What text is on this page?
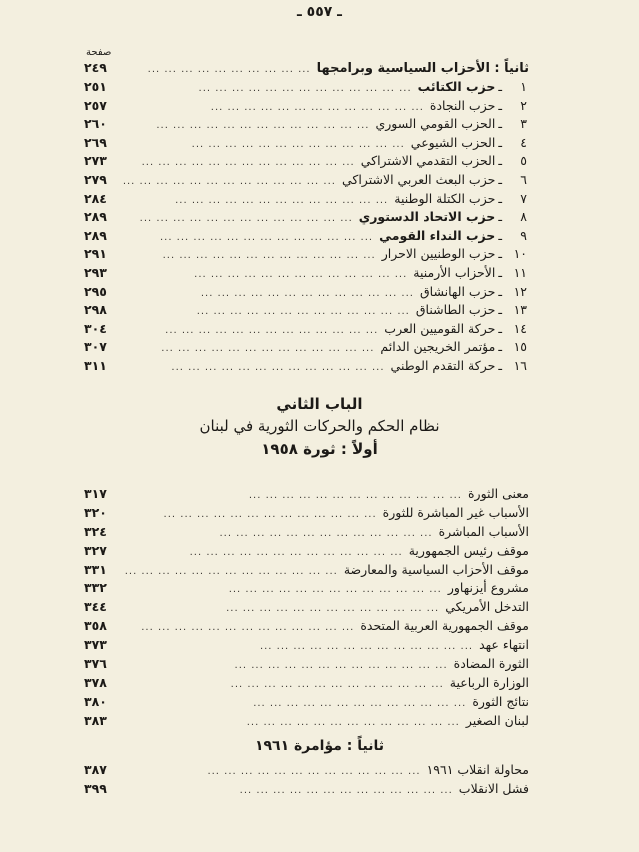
ـ ٥٥٧ ـ
صفحة
ثانياً : الأحزاب السياسية وبرامجها
... ... ... ... ... ... ... ... ... ...
٢٤٩
١
ـ
حزب الكتائب
... ... ... ... ... ... ... ... ... ... ... ... ...
٢٥١
٢
ـ
حزب النجادة
... ... ... ... ... ... ... ... ... ... ... ... ...
٢٥٧
٣
ـ
الحزب القومي السوري
... ... ... ... ... ... ... ... ... ... ... ... ...
٢٦٠
٤
ـ
الحزب الشيوعي
... ... ... ... ... ... ... ... ... ... ... ... ...
٢٦٩
٥
ـ
الحزب التقدمي الاشتراكي
... ... ... ... ... ... ... ... ... ... ... ... ...
٢٧٣
٦
ـ
حزب البعث العربي الاشتراكي
... ... ... ... ... ... ... ... ... ... ... ... ...
٢٧٩
٧
ـ
حزب الكتلة الوطنية
... ... ... ... ... ... ... ... ... ... ... ... ...
٢٨٤
٨
ـ
حزب الاتحاد الدستوري
... ... ... ... ... ... ... ... ... ... ... ... ...
٢٨٩
٩
ـ
حزب النداء القومي
... ... ... ... ... ... ... ... ... ... ... ... ...
٢٨٩
١٠
ـ
حزب الوطنيين الاحرار
... ... ... ... ... ... ... ... ... ... ... ... ...
٢٩١
١١
ـ
الأحزاب الأرمنية
... ... ... ... ... ... ... ... ... ... ... ... ...
٢٩٣
١٢
ـ
حزب الهانشاق
... ... ... ... ... ... ... ... ... ... ... ... ...
٢٩٥
١٣
ـ
حزب الطاشناق
... ... ... ... ... ... ... ... ... ... ... ... ...
٢٩٨
١٤
ـ
حركة القوميين العرب
... ... ... ... ... ... ... ... ... ... ... ... ...
٣٠٤
١٥
ـ
مؤتمر الخريجين الدائم
... ... ... ... ... ... ... ... ... ... ... ... ...
٣٠٧
١٦
ـ
حركة التقدم الوطني
... ... ... ... ... ... ... ... ... ... ... ... ...
٣١١
الباب الثاني
نظام الحكم والحركات الثورية في لبنان
أولاً : ثورة ١٩٥٨
معنى الثورة
... ... ... ... ... ... ... ... ... ... ... ... ...
٣١٧
الأسباب غير المباشرة للثورة
... ... ... ... ... ... ... ... ... ... ... ... ...
٣٢٠
الأسباب المباشرة
... ... ... ... ... ... ... ... ... ... ... ... ...
٣٢٤
موقف رئيس الجمهورية
... ... ... ... ... ... ... ... ... ... ... ... ...
٣٢٧
موقف الأحزاب السياسية والمعارضة
... ... ... ... ... ... ... ... ... ... ... ... ...
٣٣١
مشروع أيزنهاور
... ... ... ... ... ... ... ... ... ... ... ... ...
٣٣٢
التدخل الأمريكي
... ... ... ... ... ... ... ... ... ... ... ... ...
٣٤٤
موقف الجمهورية العربية المتحدة
... ... ... ... ... ... ... ... ... ... ... ... ...
٣٥٨
انتهاء عهد
... ... ... ... ... ... ... ... ... ... ... ... ...
٣٧٣
الثورة المضادة
... ... ... ... ... ... ... ... ... ... ... ... ...
٣٧٦
الوزارة الرباعية
... ... ... ... ... ... ... ... ... ... ... ... ...
٣٧٨
نتائج الثورة
... ... ... ... ... ... ... ... ... ... ... ... ...
٣٨٠
لبنان الصغير
... ... ... ... ... ... ... ... ... ... ... ... ...
٣٨٣
ثانياً : مؤامرة ١٩٦١
محاولة انقلاب ١٩٦١
... ... ... ... ... ... ... ... ... ... ... ... ...
٣٨٧
فشل الانقلاب
... ... ... ... ... ... ... ... ... ... ... ... ...
٣٩٩
